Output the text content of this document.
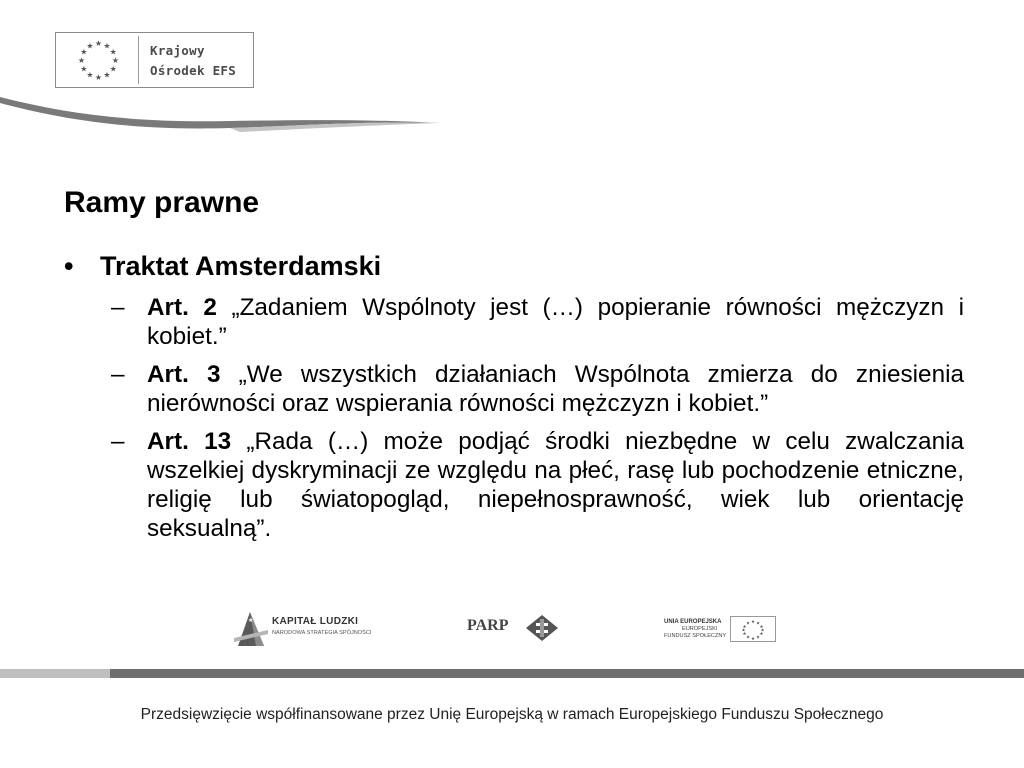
★ ★
★
★
★
★
★
★
★
★
★
★	Krajowy
Ośrodek EFS
Ramy prawne
• Traktat Amsterdamski
– Art. 2 „Zadaniem Wspólnoty jest (…) popieranie równości mężczyzn i kobiet.”
– Art. 3 „We wszystkich działaniach Wspólnota zmierza do zniesienia nierówności oraz wspierania równości mężczyzn i kobiet.”
– Art. 13 „Rada (…) może podjąć środki niezbędne w celu zwalczania wszelkiej dyskryminacji ze względu na płeć, rasę lub pochodzenie etniczne, religię lub światopogląd, niepełnosprawność, wiek lub orientację seksualną”.
★ KAPITAŁ LUDZKI
NARODOWA STRATEGIA SPÓJNOŚCI	PARP	UNIA EUROPEJSKA
EUROPEJSKI
FUNDUSZ SPOŁECZNY
★ ★
★
★
★
★
★
★
★
★
★
★
Przedsięwzięcie współfinansowane przez Unię Europejską w ramach Europejskiego Funduszu Społecznego
